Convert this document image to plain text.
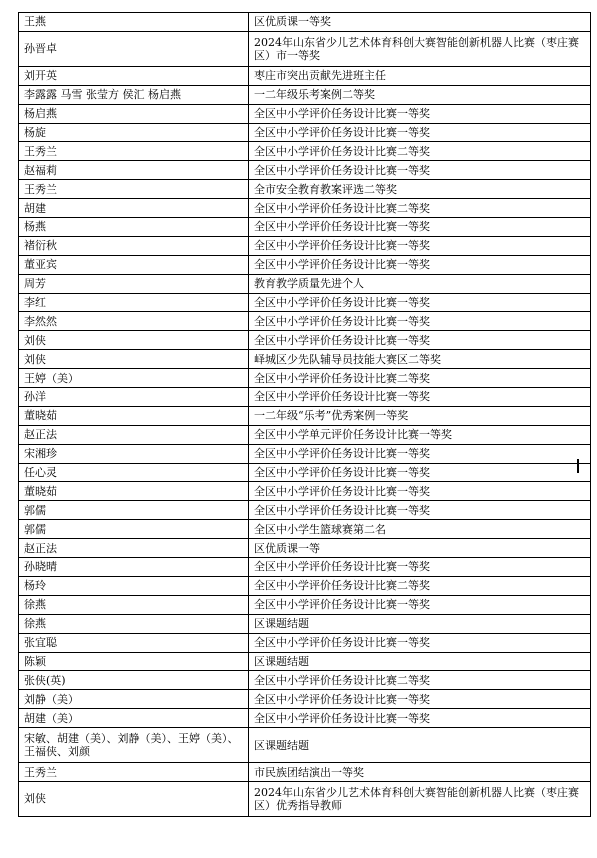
王燕	区优质课一等奖
孙晋卓	2024年山东省少儿艺术体育科创大赛智能创新机器人比赛（枣庄赛区）市一等奖
刘开英	枣庄市突出贡献先进班主任
李露露 马雪 张莹方 侯汇 杨启燕	一二年级乐考案例二等奖
杨启燕	全区中小学评价任务设计比赛一等奖
杨旋	全区中小学评价任务设计比赛一等奖
王秀兰	全区中小学评价任务设计比赛二等奖
赵福莉	全区中小学评价任务设计比赛一等奖
王秀兰	全市安全教育教案评选二等奖
胡建	全区中小学评价任务设计比赛二等奖
杨燕	全区中小学评价任务设计比赛一等奖
褚衍秋	全区中小学评价任务设计比赛一等奖
董亚宾	全区中小学评价任务设计比赛一等奖
周芳	教育教学质量先进个人
李红	全区中小学评价任务设计比赛一等奖
李然然	全区中小学评价任务设计比赛一等奖
刘侠	全区中小学评价任务设计比赛一等奖
刘侠	峄城区少先队辅导员技能大赛区二等奖
王婷（美）	全区中小学评价任务设计比赛二等奖
孙洋	全区中小学评价任务设计比赛一等奖
董晓茹	一二年级“乐考”优秀案例一等奖
赵正法	全区中小学单元评价任务设计比赛一等奖
宋湘珍	全区中小学评价任务设计比赛一等奖
任心灵	全区中小学评价任务设计比赛一等奖
董晓茹	全区中小学评价任务设计比赛一等奖
郭儒	全区中小学评价任务设计比赛一等奖
郭儒	全区中小学生篮球赛第二名
赵正法	区优质课一等
孙晓晴	全区中小学评价任务设计比赛一等奖
杨玲	全区中小学评价任务设计比赛二等奖
徐燕	全区中小学评价任务设计比赛一等奖
徐燕	区课题结题
张宜聪	全区中小学评价任务设计比赛一等奖
陈颖	区课题结题
张侠(英)	全区中小学评价任务设计比赛二等奖
刘静（美）	全区中小学评价任务设计比赛一等奖
胡建（美）	全区中小学评价任务设计比赛一等奖
宋敏、胡建（美）、刘静（美）、王婷（美）、王福侠、刘颜	区课题结题
王秀兰	市民族团结演出一等奖
刘侠	2024年山东省少儿艺术体育科创大赛智能创新机器人比赛（枣庄赛区）优秀指导教师
